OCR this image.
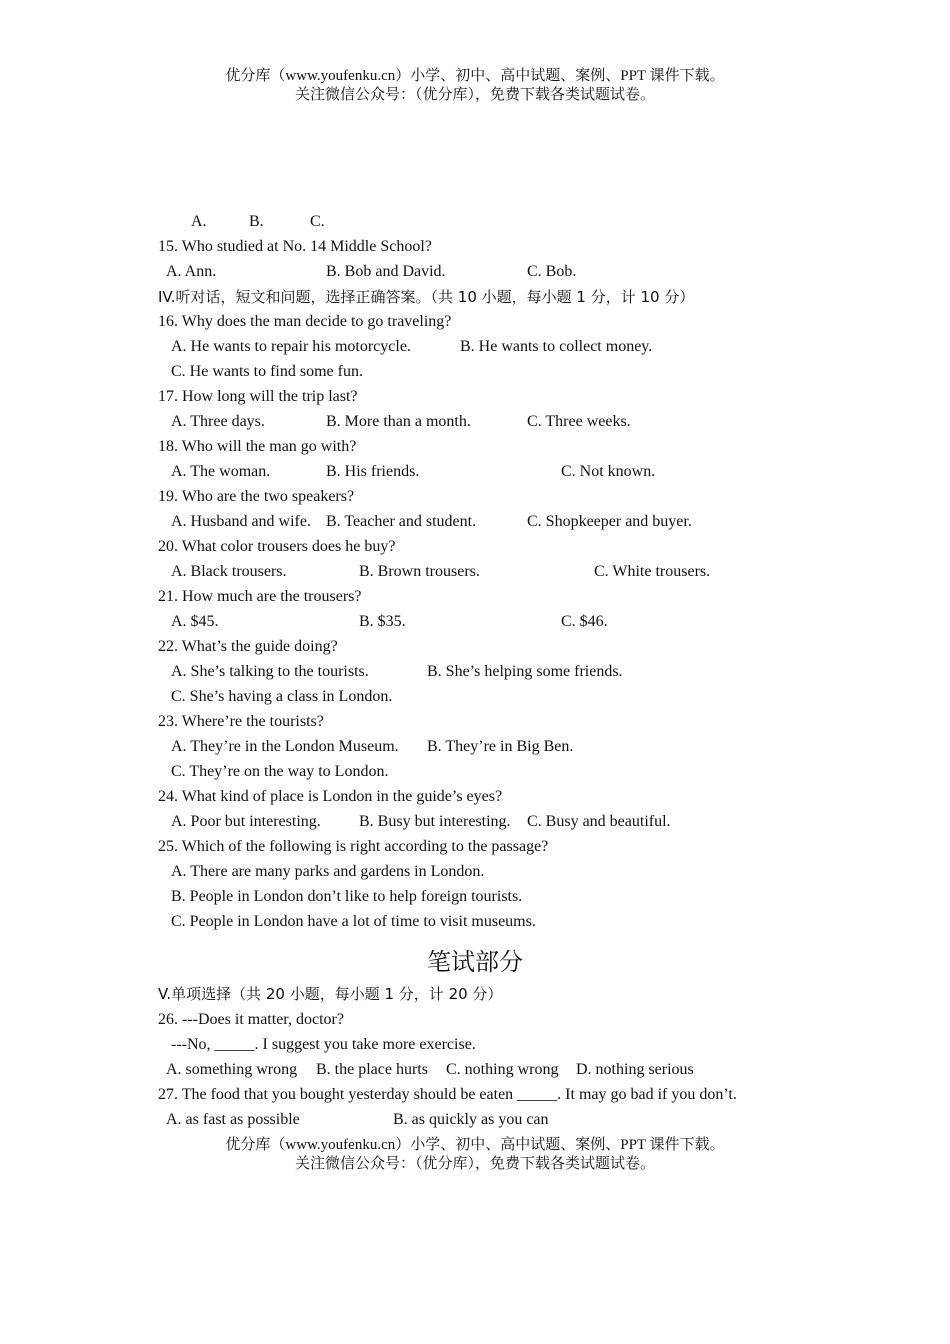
优分库（www.youfenku.cn）小学、初中、高中试题、案例、PPT 课件下载。
关注微信公众号：（优分库），免费下载各类试题试卷。
A.	B.	C.
15. Who studied at No. 14 Middle School?
A. Ann.	B. Bob and David.	C. Bob.
IV.听对话，短文和问题，选择正确答案。（共 10 小题，每小题 1 分，计 10 分）
16. Why does the man decide to go traveling?
A. He wants to repair his motorcycle.	B. He wants to collect money.
C. He wants to find some fun.
17. How long will the trip last?
A. Three days.	B. More than a month.	C. Three weeks.
18. Who will the man go with?
A. The woman.	B. His friends.	C. Not known.
19. Who are the two speakers?
A. Husband and wife. B. Teacher and student.	C. Shopkeeper and buyer.
20. What color trousers does he buy?
A. Black trousers.	B. Brown trousers.	C. White trousers.
21. How much are the trousers?
A. $45.	B. $35.	C. $46.
22. What’s the guide doing?
A. She’s talking to the tourists.	B. She’s helping some friends.
C. She’s having a class in London.
23. Where’re the tourists?
A. They’re in the London Museum. B. They’re in Big Ben.
C. They’re on the way to London.
24. What kind of place is London in the guide’s eyes?
A. Poor but interesting. B. Busy but interesting. C. Busy and beautiful.
25. Which of the following is right according to the passage?
A. There are many parks and gardens in London.
B. People in London don’t like to help foreign tourists.
C. People in London have a lot of time to visit museums.
笔试部分
V.单项选择（共 20 小题，每小题 1 分，计 20 分）
26. ---Does it matter, doctor?
---No, _____. I suggest you take more exercise.
A. something wrong B. the place hurts C. nothing wrong D. nothing serious
27. The food that you bought yesterday should be eaten _____. It may go bad if you don’t.
A. as fast as possible	B. as quickly as you can
优分库（www.youfenku.cn）小学、初中、高中试题、案例、PPT 课件下载。
关注微信公众号：（优分库），免费下载各类试题试卷。
